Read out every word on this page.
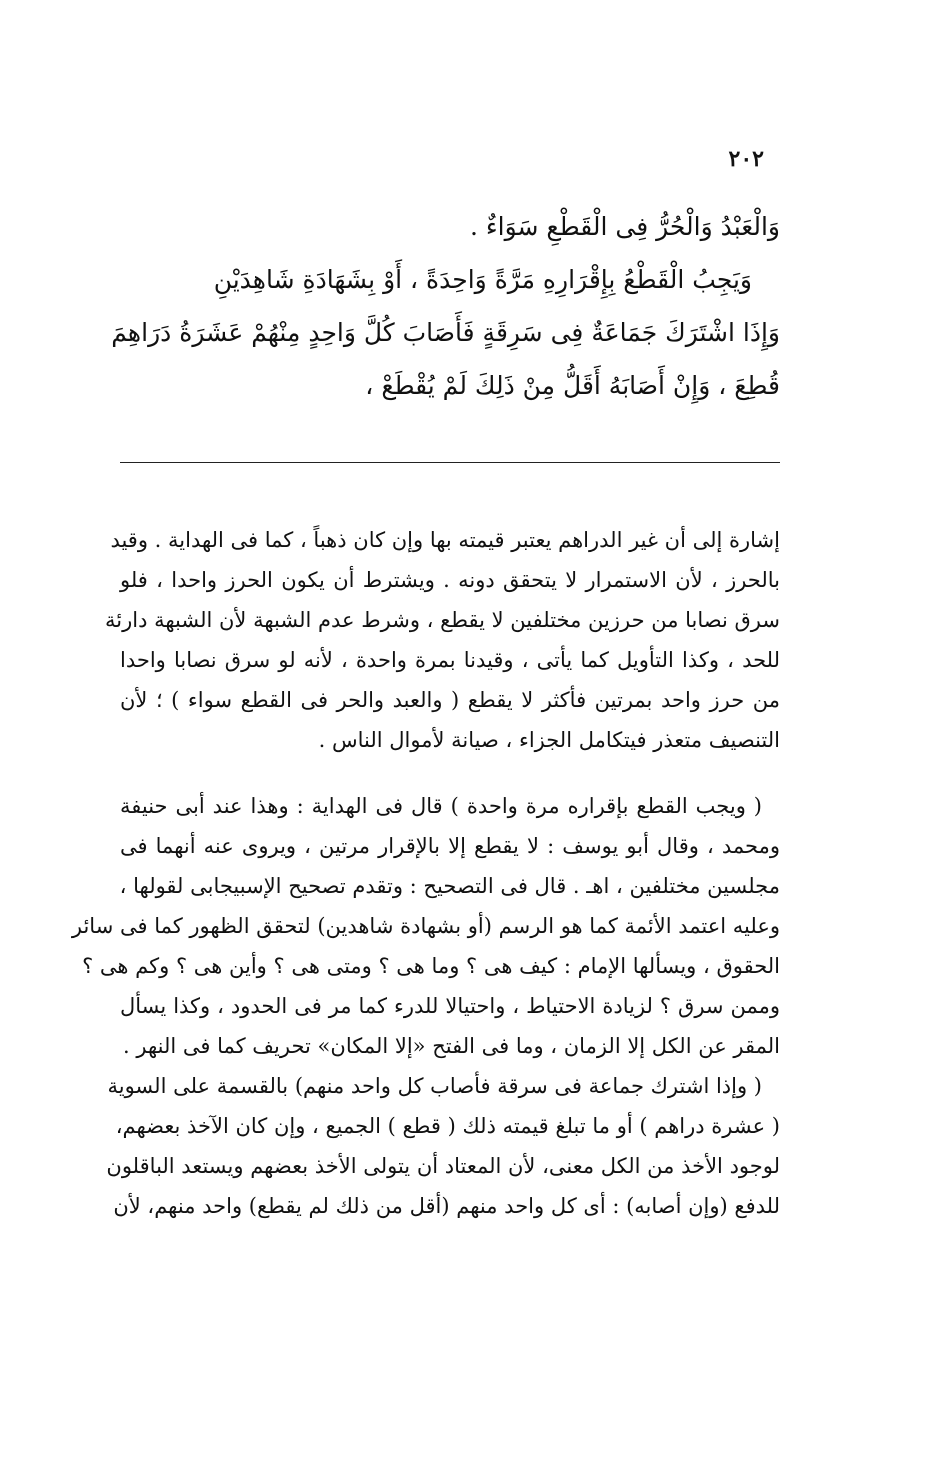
٢٠٢
وَالْعَبْدُ وَالْحُرُّ فِى الْقَطْعِ سَوَاءٌ .
وَيَجِبُ الْقَطْعُ بِإِقْرَارِهِ مَرَّةً وَاحِدَةً ، أَوْ بِشَهَادَةِ شَاهِدَيْنِ
وَإِذَا اشْتَرَكَ جَمَاعَةٌ فِى سَرِقَةٍ فَأَصَابَ كُلَّ وَاحِدٍ مِنْهُمْ عَشَرَةُ دَرَاهِمَ
قُطِعَ ، وَإِنْ أَصَابَهُ أَقَلُّ مِنْ ذَلِكَ لَمْ يُقْطَعْ ،
إشارة إلى أن غير الدراهم يعتبر قيمته بها وإن كان ذهباً ، كما فى الهداية . وقيد
بالحرز ، لأن الاستمرار لا يتحقق دونه . ويشترط أن يكون الحرز واحدا ، فلو
سرق نصابا من حرزين مختلفين لا يقطع ، وشرط عدم الشبهة لأن الشبهة دارئة
للحد ، وكذا التأويل كما يأتى ، وقيدنا بمرة واحدة ، لأنه لو سرق نصابا واحدا
من حرز واحد بمرتين فأكثر لا يقطع ( والعبد والحر فى القطع سواء ) ؛ لأن
التنصيف متعذر فيتكامل الجزاء ، صيانة لأموال الناس .
( ويجب القطع بإقراره مرة واحدة ) قال فى الهداية : وهذا عند أبى حنيفة
ومحمد ، وقال أبو يوسف : لا يقطع إلا بالإقرار مرتين ، ويروى عنه أنهما فى
مجلسين مختلفين ، اهـ . قال فى التصحيح : وتقدم تصحيح الإسبيجابى لقولها ،
وعليه اعتمد الأئمة كما هو الرسم (أو بشهادة شاهدين) لتحقق الظهور كما فى سائر
الحقوق ، ويسألها الإمام : كيف هى ؟ وما هى ؟ ومتى هى ؟ وأين هى ؟ وكم هى ؟
وممن سرق ؟ لزيادة الاحتياط ، واحتيالا للدرء كما مر فى الحدود ، وكذا يسأل
المقر عن الكل إلا الزمان ، وما فى الفتح «إلا المكان» تحريف كما فى النهر .
( وإذا اشترك جماعة فى سرقة فأصاب كل واحد منهم) بالقسمة على السوية
( عشرة دراهم ) أو ما تبلغ قيمته ذلك ( قطع ) الجميع ، وإن كان الآخذ بعضهم،
لوجود الأخذ من الكل معنى، لأن المعتاد أن يتولى الأخذ بعضهم ويستعد الباقلون
للدفع (وإن أصابه) : أى كل واحد منهم (أقل من ذلك لم يقطع) واحد منهم، لأن
